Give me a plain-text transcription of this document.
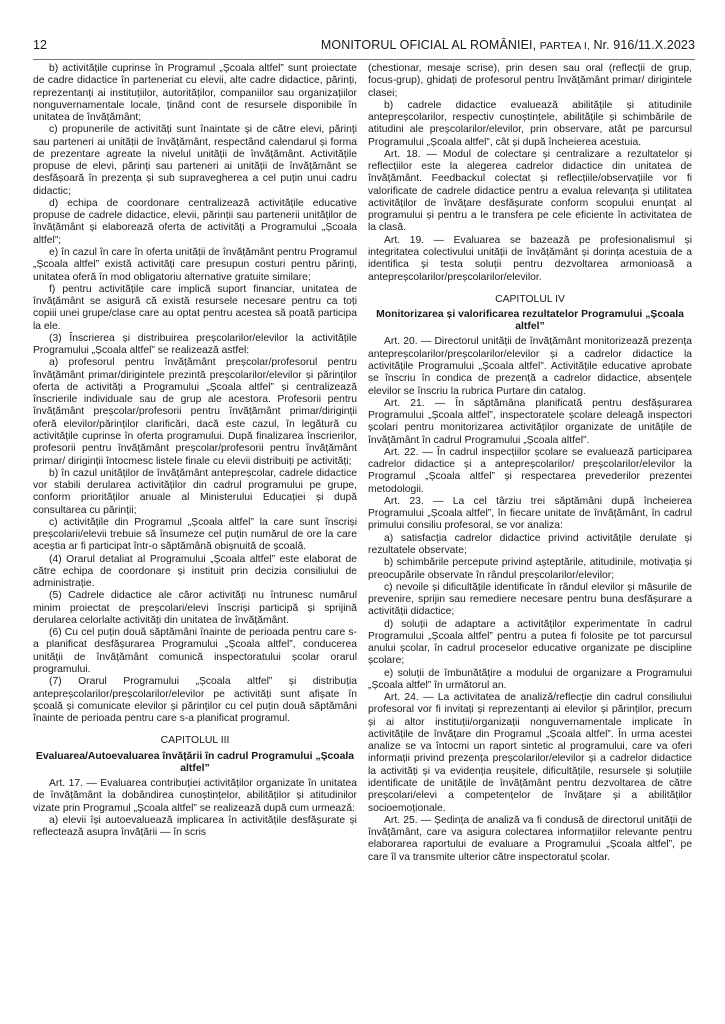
12	MONITORUL OFICIAL AL ROMÂNIEI, PARTEA I, Nr. 916/11.X.2023

b) activitățile cuprinse în Programul „Școala altfel” sunt proiectate de cadre didactice în parteneriat cu elevii, alte cadre didactice, părinți, reprezentanți ai instituțiilor, autorităților, companiilor sau organizațiilor nonguvernamentale locale, ținând cont de resursele disponibile în unitatea de învățământ;

c) propunerile de activități sunt înaintate și de către elevi, părinți sau parteneri ai unității de învățământ, respectând calendarul și forma de prezentare agreate la nivelul unității de învățământ. Activitățile propuse de elevi, părinți sau parteneri ai unității de învățământ se desfășoară în prezența și sub supravegherea a cel puțin unui cadru didactic;

d) echipa de coordonare centralizează activitățile educative propuse de cadrele didactice, elevii, părinții sau partenerii unităților de învățământ și elaborează oferta de activități a Programului „Școala altfel”;

e) în cazul în care în oferta unității de învățământ pentru Programul „Școala altfel” există activități care presupun costuri pentru părinți, unitatea oferă în mod obligatoriu alternative gratuite similare;

f) pentru activitățile care implică suport financiar, unitatea de învățământ se asigură că există resursele necesare pentru ca toți copiii unei grupe/clase care au optat pentru acestea să poată participa la ele.

(3) Înscrierea și distribuirea preșcolarilor/elevilor la activitățile Programului „Școala altfel” se realizează astfel:

a) profesorul pentru învățământ preșcolar/profesorul pentru învățământ primar/dirigintele prezintă preșcolarilor/elevilor și părinților oferta de activități a Programului „Școala altfel” și centralizează înscrierile individuale sau de grup ale acestora. Profesorii pentru învățământ preșcolar/profesorii pentru învățământ primar/diriginții oferă elevilor/părinților clarificări, dacă este cazul, în legătură cu activitățile cuprinse în oferta programului. După finalizarea înscrierilor, profesorii pentru învățământ preșcolar/profesorii pentru învățământ primar/ diriginții întocmesc listele finale cu elevii distribuiți pe activități;

b) în cazul unităților de învățământ antepreșcolar, cadrele didactice vor stabili derularea activităților din cadrul programului pe grupe, conform priorităților anuale al Ministerului Educației și după consultarea cu părinții;

c) activitățile din Programul „Școala altfel” la care sunt înscriși preșcolarii/elevii trebuie să însumeze cel puțin numărul de ore la care aceștia ar fi participat într-o săptămână obișnuită de școală.

(4) Orarul detaliat al Programului „Școala altfel” este elaborat de către echipa de coordonare și instituit prin decizia consiliului de administrație.

(5) Cadrele didactice ale căror activități nu întrunesc numărul minim proiectat de preșcolari/elevi înscriși participă și sprijină derularea celorlalte activități din unitatea de învățământ.

(6) Cu cel puțin două săptămâni înainte de perioada pentru care s-a planificat desfășurarea Programului „Școala altfel”, conducerea unității de învățământ comunică inspectoratului școlar orarul programului.

(7) Orarul Programului „Școala altfel” și distribuția antepreșcolarilor/preșcolarilor/elevilor pe activități sunt afișate în școală și comunicate elevilor și părinților cu cel puțin două săptămâni înainte de perioada pentru care s-a planificat programul.

CAPITOLUL III
Evaluarea/Autoevaluarea învățării în cadrul Programului „Școala altfel”

Art. 17. — Evaluarea contribuției activităților organizate în unitatea de învățământ la dobândirea cunoștințelor, abilităților și atitudinilor vizate prin Programul „Școala altfel” se realizează după cum urmează:

a) elevii își autoevaluează implicarea în activitățile desfășurate și reflectează asupra învățării — în scris

(chestionar, mesaje scrise), prin desen sau oral (reflecții de grup, focus-grup), ghidați de profesorul pentru învățământ primar/ dirigintele clasei;

b) cadrele didactice evaluează abilitățile și atitudinile antepreșcolarilor, respectiv cunoștințele, abilitățile și schimbările de atitudini ale preșcolarilor/elevilor, prin observare, atât pe parcursul Programului „Școala altfel”, cât și după încheierea acestuia.

Art. 18. — Modul de colectare și centralizare a rezultatelor și reflecțiilor este la alegerea cadrelor didactice din unitatea de învățământ. Feedbackul colectat și reflecțiile/observațiile vor fi valorificate de cadrele didactice pentru a evalua relevanța și utilitatea activităților de învățare desfășurate conform scopului enunțat al programului și pentru a le transfera pe cele eficiente în activitatea de la clasă.

Art. 19. — Evaluarea se bazează pe profesionalismul și integritatea colectivului unității de învățământ și dorința acestuia de a identifica și testa soluții pentru dezvoltarea armonioasă a antepreșcolarilor/preșcolarilor/elevilor.

CAPITOLUL IV
Monitorizarea și valorificarea rezultatelor Programului „Școala altfel”

Art. 20. — Directorul unității de învățământ monitorizează prezența antepreșcolarilor/preșcolarilor/elevilor și a cadrelor didactice la activitățile Programului „Școala altfel”. Activitățile educative aprobate se înscriu în condica de prezență a cadrelor didactice, absențele elevilor se înscriu la rubrica Purtare din catalog.

Art. 21. — În săptămâna planificată pentru desfășurarea Programului „Școala altfel”, inspectoratele școlare deleagă inspectori școlari pentru monitorizarea activităților organizate de unitățile de învățământ în cadrul Programului „Școala altfel”.

Art. 22. — În cadrul inspecțiilor școlare se evaluează participarea cadrelor didactice și a antepreșcolarilor/ preșcolarilor/elevilor la Programul „Școala altfel” și respectarea prevederilor prezentei metodologii.

Art. 23. — La cel târziu trei săptămâni după încheierea Programului „Școala altfel”, în fiecare unitate de învățământ, în cadrul primului consiliu profesoral, se vor analiza:

a) satisfacția cadrelor didactice privind activitățile derulate și rezultatele observate;

b) schimbările percepute privind așteptările, atitudinile, motivația și preocupările observate în rândul preșcolarilor/elevilor;

c) nevoile și dificultățile identificate în rândul elevilor și măsurile de prevenire, sprijin sau remediere necesare pentru buna desfășurare a activității didactice;

d) soluții de adaptare a activităților experimentate în cadrul Programului „Școala altfel” pentru a putea fi folosite pe tot parcursul anului școlar, în cadrul proceselor educative organizate pe discipline școlare;

e) soluții de îmbunătățire a modului de organizare a Programului „Școala altfel” în următorul an.

Art. 24. — La activitatea de analiză/reflecție din cadrul consiliului profesoral vor fi invitați și reprezentanți ai elevilor și părinților, precum și ai altor instituții/organizații nonguvernamentale implicate în activitățile de învățare din Programul „Școala altfel”. În urma acestei analize se va întocmi un raport sintetic al programului, care va oferi informații privind prezența preșcolarilor/elevilor și a cadrelor didactice la activități și va evidenția reușitele, dificultățile, resursele și soluțiile identificate de unitățile de învățământ pentru dezvoltarea de către preșcolari/elevi a competențelor de învățare și a abilităților socioemoționale.

Art. 25. — Ședința de analiză va fi condusă de directorul unității de învățământ, care va asigura colectarea informațiilor relevante pentru elaborarea raportului de evaluare a Programului „Școala altfel”, pe care îl va transmite ulterior către inspectoratul școlar.
